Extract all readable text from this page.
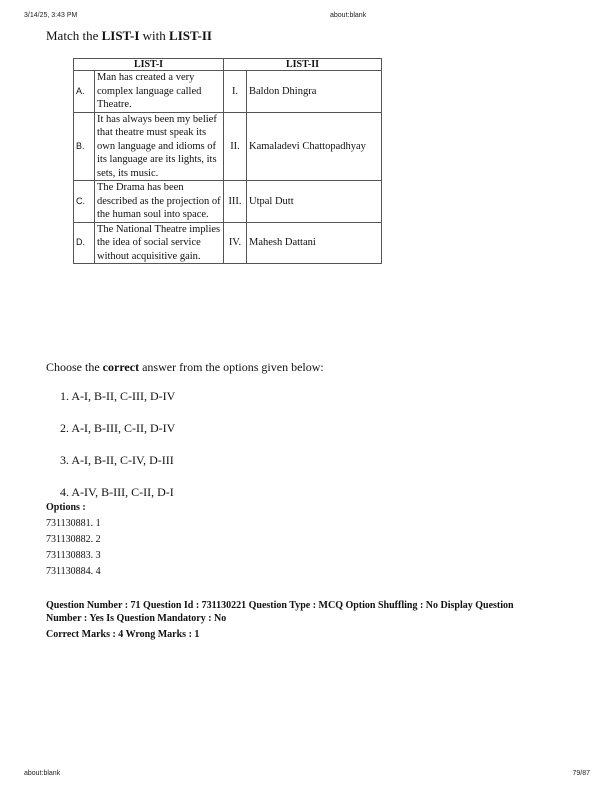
3/14/25, 3:43 PM	about:blank
Match the LIST-I with LIST-II
LIST-I		LIST-II	
A.	Man has created a very complex language called Theatre.	I.	Baldon Dhingra
B.	It has always been my belief that theatre must speak its own language and idioms of its language are its lights, its sets, its music.	II.	Kamaladevi Chattopadhyay
C.	The Drama has been described as the projection of the human soul into space.	III.	Utpal Dutt
D.	The National Theatre implies the idea of social service without acquisitive gain.	IV.	Mahesh Dattani
Choose the correct answer from the options given below:
1. A-I, B-II, C-III, D-IV
2. A-I, B-III, C-II, D-IV
3. A-I, B-II, C-IV, D-III
4. A-IV, B-III, C-II, D-I
Options :
731130881. 1
731130882. 2
731130883. 3
731130884. 4
Question Number : 71 Question Id : 731130221 Question Type : MCQ Option Shuffling : No Display Question
Number : Yes Is Question Mandatory : No
Correct Marks : 4 Wrong Marks : 1
about:blank	79/87
